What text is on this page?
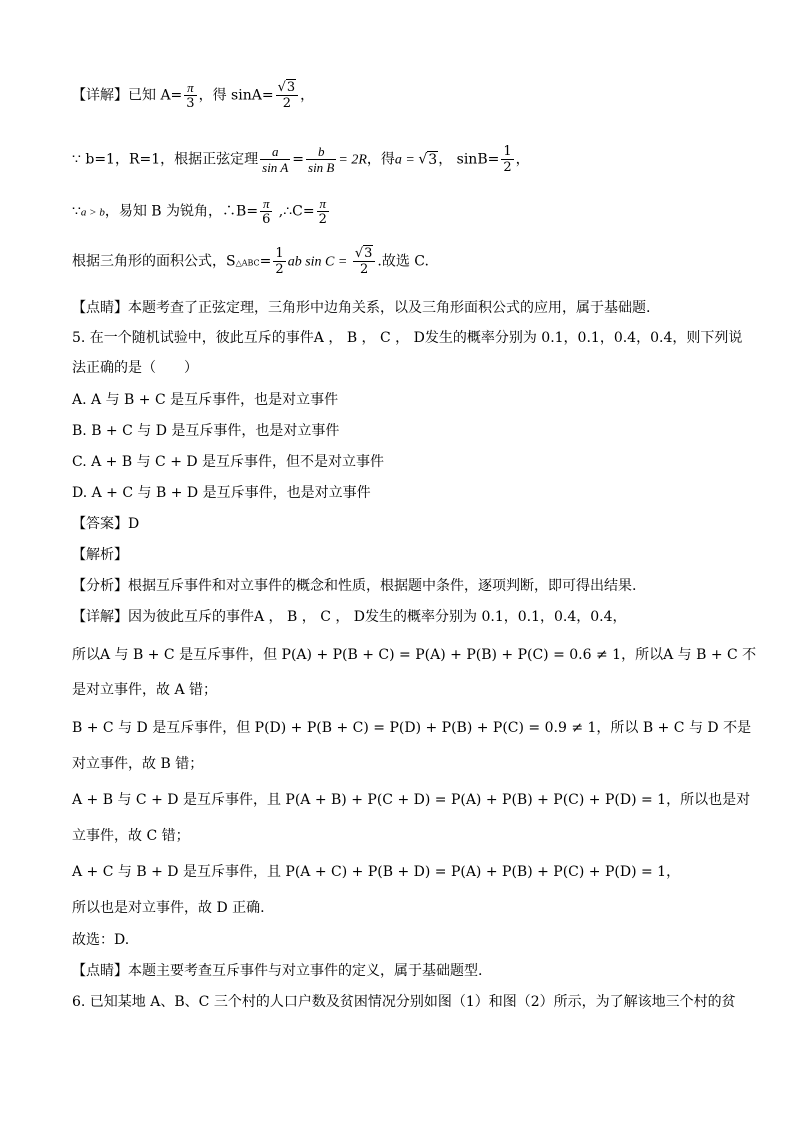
【详解】已知 $A= \frac{\pi}{3}$ ，得 $\sin A= \frac{√3}{2}$ ，
∵ b=1，R=1，根据正弦定理 $\frac{a}{\text{sin A}} = \frac{b}{\text{sin B}} = 2R$，得a = √3， $\sin B= \frac{1}{2}$ ，
∵a > b，易知 B 为锐角，∴B= $\frac{\pi}{6}$ ,∴C= $\frac{\pi}{2}$
根据三角形的面积公式，S△ABC= $\frac{1}{2}$ ab $\sin C = \frac{√3}{2}$ .故选 C.
【点睛】本题考查了正弦定理，三角形中边角关系，以及三角形面积公式的应用，属于基础题.
5. 在一个随机试验中，彼此互斥的事件A ， B ， C ， D发生的概率分别为 0.1，0.1，0.4，0.4，则下列说
法正确的是（　　）
A. A 与 B + C 是互斥事件，也是对立事件
B. B + C 与 D 是互斥事件，也是对立事件
C. A + B 与 C + D 是互斥事件，但不是对立事件
D. A + C 与 B + D 是互斥事件，也是对立事件
【答案】D
【解析】
【分析】根据互斥事件和对立事件的概念和性质，根据题中条件，逐项判断，即可得出结果.
【详解】因为彼此互斥的事件A ， B ， C ， D发生的概率分别为 0.1，0.1，0.4，0.4，
所以A 与 B + C 是互斥事件，但 P(A) + P(B + C) = P(A) + P(B) + P(C) = 0.6 ≠ 1，所以A 与 B + C 不
是对立事件，故 A 错；
B + C 与 D 是互斥事件，但 P(D) + P(B + C) = P(D) + P(B) + P(C) = 0.9 ≠ 1，所以 B + C 与 D 不是
对立事件，故 B 错；
A + B 与 C + D 是互斥事件，且 P(A + B) + P(C + D) = P(A) + P(B) + P(C) + P(D) = 1，所以也是对
立事件，故 C 错；
A + C 与 B + D 是互斥事件，且 P(A + C) + P(B + D) = P(A) + P(B) + P(C) + P(D) = 1，
所以也是对立事件，故 D 正确.
故选：D.
【点睛】本题主要考查互斥事件与对立事件的定义，属于基础题型.
6. 已知某地 A、B、C 三个村的人口户数及贫困情况分别如图（1）和图（2）所示，为了解该地三个村的贫
